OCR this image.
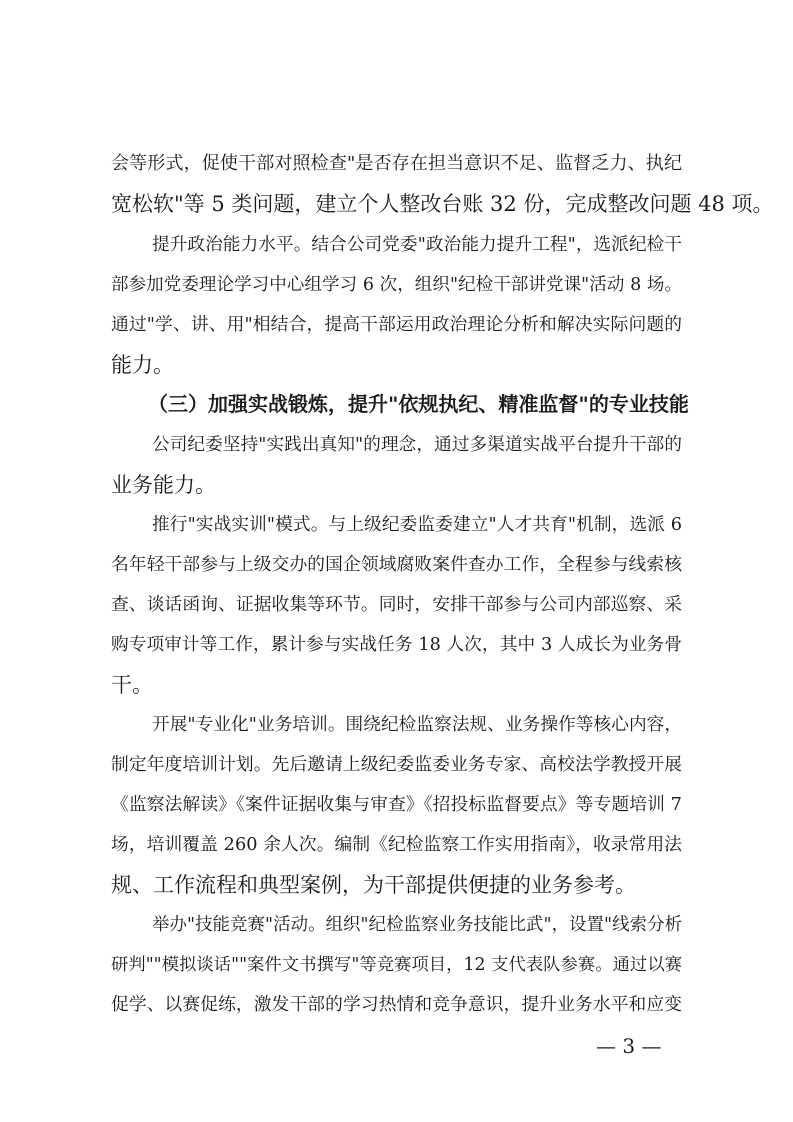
会等形式，促使干部对照检查"是否存在担当意识不足、监督乏力、执纪
宽松软"等 5 类问题，建立个人整改台账 32 份，完成整改问题 48 项。
提升政治能力水平。结合公司党委"政治能力提升工程"，选派纪检干
部参加党委理论学习中心组学习 6 次，组织"纪检干部讲党课"活动 8 场。
通过"学、讲、用"相结合，提高干部运用政治理论分析和解决实际问题的
能力。
（三）加强实战锻炼，提升"依规执纪、精准监督"的专业技能
公司纪委坚持"实践出真知"的理念，通过多渠道实战平台提升干部的
业务能力。
推行"实战实训"模式。与上级纪委监委建立"人才共育"机制，选派 6
名年轻干部参与上级交办的国企领域腐败案件查办工作，全程参与线索核
查、谈话函询、证据收集等环节。同时，安排干部参与公司内部巡察、采
购专项审计等工作，累计参与实战任务 18 人次，其中 3 人成长为业务骨
干。
开展"专业化"业务培训。围绕纪检监察法规、业务操作等核心内容，
制定年度培训计划。先后邀请上级纪委监委业务专家、高校法学教授开展
《监察法解读》《案件证据收集与审查》《招投标监督要点》等专题培训 7
场，培训覆盖 260 余人次。编制《纪检监察工作实用指南》，收录常用法
规、工作流程和典型案例，为干部提供便捷的业务参考。
举办"技能竞赛"活动。组织"纪检监察业务技能比武"，设置"线索分析
研判""模拟谈话""案件文书撰写"等竞赛项目，12 支代表队参赛。通过以赛
促学、以赛促练，激发干部的学习热情和竞争意识，提升业务水平和应变
— 3 —
